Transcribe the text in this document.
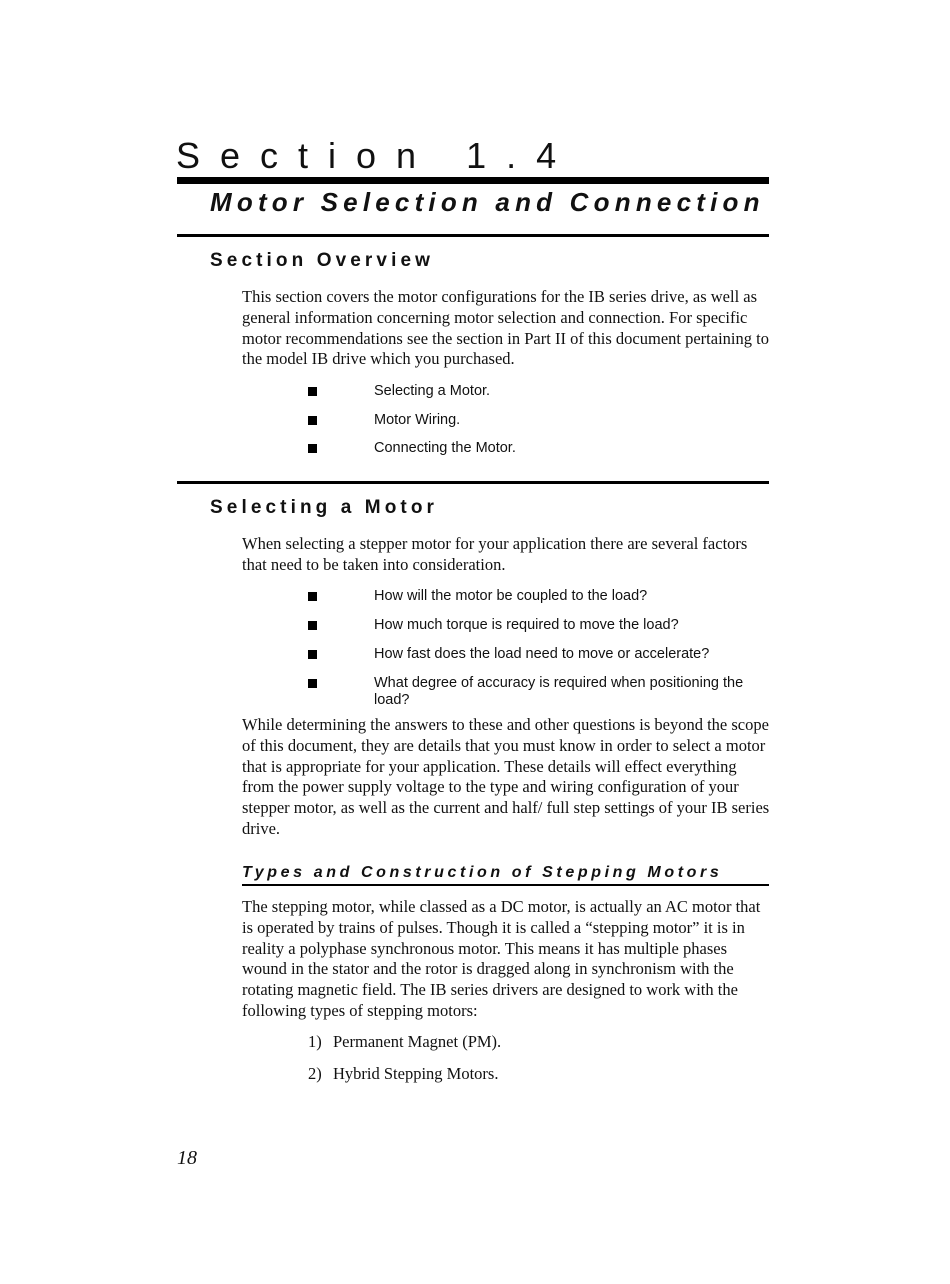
Section 1.4
Motor Selection and Connection
Section Overview

This section covers the motor configurations for the IB series drive, as well as general information concerning motor selection and connection. For specific motor recommendations see the section in Part II of this document pertaining to the model IB drive which you purchased.

Selecting a Motor.
Motor Wiring.
Connecting the Motor.
Selecting a Motor

When selecting a stepper motor for your application there are several factors that need to be taken into consideration.

How will the motor be coupled to the load?
How much torque is required to move the load?
How fast does the load need to move or accelerate?
What degree of accuracy is required when positioning the load?

While determining the answers to these and other questions is beyond the scope of this document, they are details that you must know in order to select a motor that is appropriate for your application. These details will effect everything from the power supply voltage to the type and wiring configuration of your stepper motor, as well as the current and half/ full step settings of your IB series drive.

Types and Construction of Stepping Motors

The stepping motor, while classed as a DC motor, is actually an AC motor that is operated by trains of pulses. Though it is called a “stepping motor” it is in reality a polyphase synchronous motor. This means it has multiple phases wound in the stator and the rotor is dragged along in synchronism with the rotating magnetic field. The IB series drivers are designed to work with the following types of stepping motors:

1) Permanent Magnet (PM).
2) Hybrid Stepping Motors.
18
